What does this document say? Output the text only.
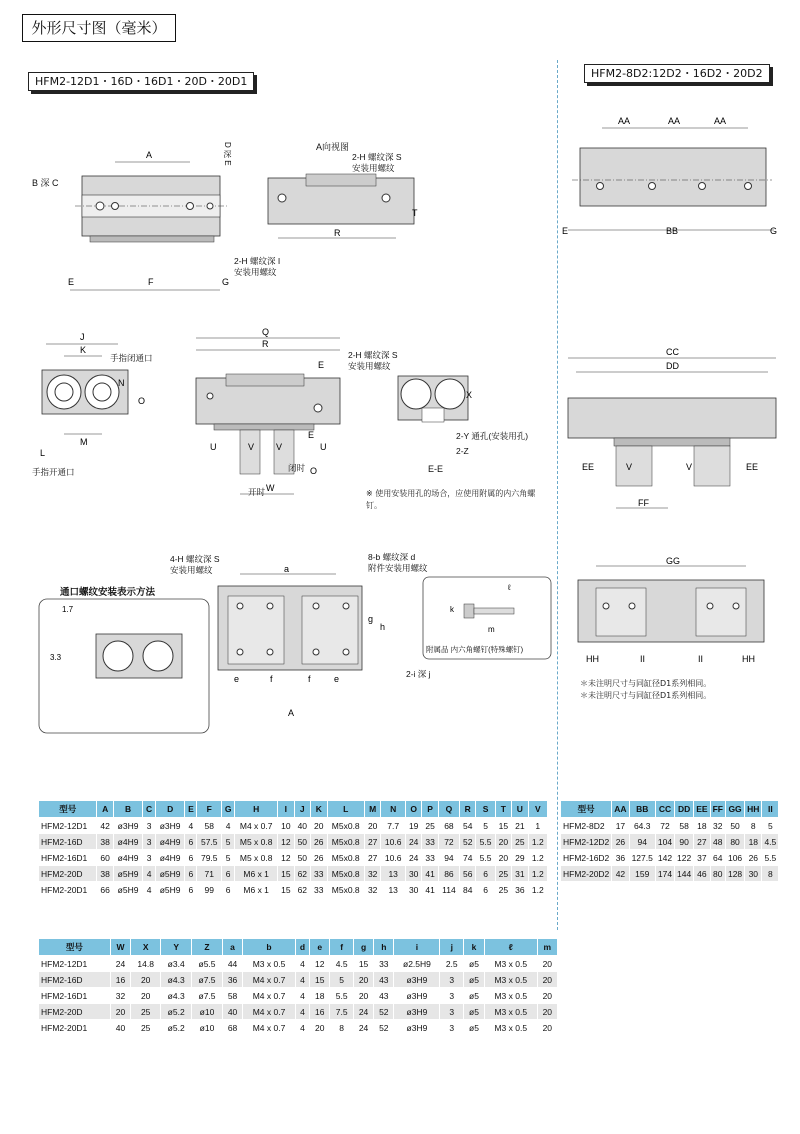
外形尺寸图（毫米）
HFM2-12D1・16D・16D1・20D・20D1
HFM2-8D2:12D2・16D2・20D2
A
E	F	G
B 深 C
D 深 E
2-H 螺纹深 I
安装用螺纹
A向视图
2-H 螺纹深 S
安装用螺纹
R
T
AA	AA	AA
E	BB	G
J
K
M
L
N
O
手指闭通口
手指开通口
Q
R
U	V V	U
W
O
E
E
2-H 螺纹深 S
安装用螺纹
闭时
开时
X
2-Y 通孔(安装用孔)
2-Z
E-E
※ 使用安装用孔的场合，应使用附属的内六角螺钉。
CC
DD
EE	V	V	EE
FF
通口螺纹安装表示方法
1.7
3.3
4-H 螺纹深 S
安装用螺纹
8-b 螺纹深 d
附件安装用螺纹
a
e	f	f	e
A
g
h
2-i 深 j
k
ℓ
m
附属品 内六角螺钉(特殊螺钉)
GG
HH	II	II	HH
＊未注明尺寸与同缸径D1系列相同。
＊未注明尺寸与同缸径D1系列相同。
型号	A	B	C	D	E	F	G	H	I	J	K	L	M	N	O	P	Q	R	S	T	U	V
HFM2-12D1	42	ø3H9	3	ø3H9	4	58	4	M4 x 0.7	10	40	20	M5x0.8	20	7.7	19	25	68	54	5	15	21	1
HFM2-16D	38	ø4H9	3	ø4H9	6	57.5	5	M5 x 0.8	12	50	26	M5x0.8	27	10.6	24	33	72	52	5.5	20	25	1.2
HFM2-16D1	60	ø4H9	3	ø4H9	6	79.5	5	M5 x 0.8	12	50	26	M5x0.8	27	10.6	24	33	94	74	5.5	20	29	1.2
HFM2-20D	38	ø5H9	4	ø5H9	6	71	6	M6 x 1	15	62	33	M5x0.8	32	13	30	41	86	56	6	25	31	1.2
HFM2-20D1	66	ø5H9	4	ø5H9	6	99	6	M6 x 1	15	62	33	M5x0.8	32	13	30	41	114	84	6	25	36	1.2
型号	AA	BB	CC	DD	EE	FF	GG	HH	II
HFM2-8D2	17	64.3	72	58	18	32	50	8	5
HFM2-12D2	26	94	104	90	27	48	80	18	4.5
HFM2-16D2	36	127.5	142	122	37	64	106	26	5.5
HFM2-20D2	42	159	174	144	46	80	128	30	8
型号	W	X	Y	Z	a	b	d	e	f	g	h	i	j	k	ℓ	m
HFM2-12D1	24	14.8	ø3.4	ø5.5	44	M3 x 0.5	4	12	4.5	15	33	ø2.5H9	2.5	ø5	M3 x 0.5	20
HFM2-16D	16	20	ø4.3	ø7.5	36	M4 x 0.7	4	15	5	20	43	ø3H9	3	ø5	M3 x 0.5	20
HFM2-16D1	32	20	ø4.3	ø7.5	58	M4 x 0.7	4	18	5.5	20	43	ø3H9	3	ø5	M3 x 0.5	20
HFM2-20D	20	25	ø5.2	ø10	40	M4 x 0.7	4	16	7.5	24	52	ø3H9	3	ø5	M3 x 0.5	20
HFM2-20D1	40	25	ø5.2	ø10	68	M4 x 0.7	4	20	8	24	52	ø3H9	3	ø5	M3 x 0.5	20
